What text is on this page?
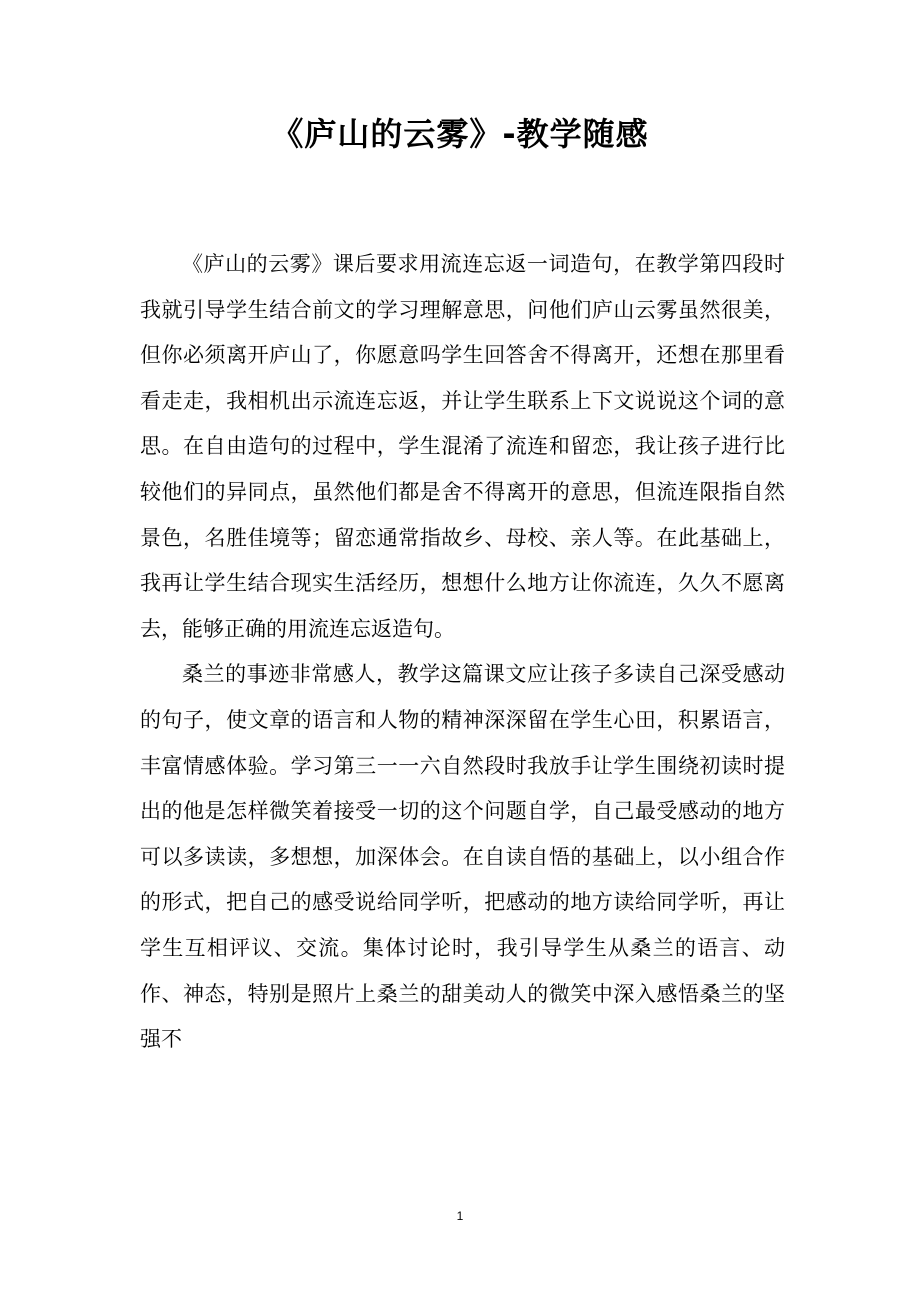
《庐山的云雾》-教学随感

《庐山的云雾》课后要求用流连忘返一词造句，在教学第四段时我就引导学生结合前文的学习理解意思，问他们庐山云雾虽然很美，但你必须离开庐山了，你愿意吗学生回答舍不得离开，还想在那里看看走走，我相机出示流连忘返，并让学生联系上下文说说这个词的意思。在自由造句的过程中，学生混淆了流连和留恋，我让孩子进行比较他们的异同点，虽然他们都是舍不得离开的意思，但流连限指自然景色，名胜佳境等；留恋通常指故乡、母校、亲人等。在此基础上，我再让学生结合现实生活经历，想想什么地方让你流连，久久不愿离去，能够正确的用流连忘返造句。

桑兰的事迹非常感人，教学这篇课文应让孩子多读自己深受感动的句子，使文章的语言和人物的精神深深留在学生心田，积累语言，丰富情感体验。学习第三一一六自然段时我放手让学生围绕初读时提出的他是怎样微笑着接受一切的这个问题自学，自己最受感动的地方可以多读读，多想想，加深体会。在自读自悟的基础上，以小组合作的形式，把自己的感受说给同学听，把感动的地方读给同学听，再让学生互相评议、交流。集体讨论时，我引导学生从桑兰的语言、动作、神态，特别是照片上桑兰的甜美动人的微笑中深入感悟桑兰的坚强不

1
